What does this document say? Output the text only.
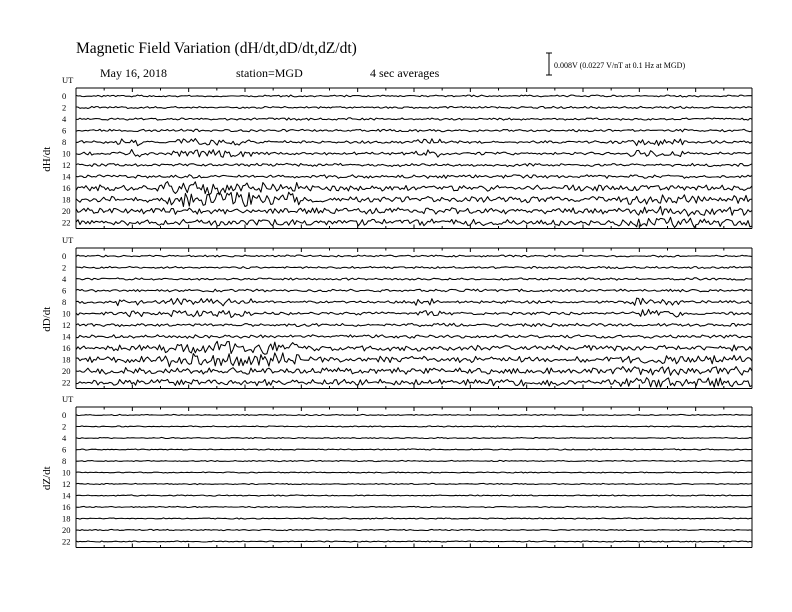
Magnetic Field Variation (dH/dt,dD/dt,dZ/dt)
May 16, 2018	station=MGD	4 sec averages
0.008V (0.0227 V/nT at 0.1 Hz at MGD)
UT
dH/dt
0
2
4
6
8
10
12
14
16
18
20
22
UT
dD/dt
0
2
4
6
8
10
12
14
16
18
20
22
UT
dZ/dt
0
2
4
6
8
10
12
14
16
18
20
22
